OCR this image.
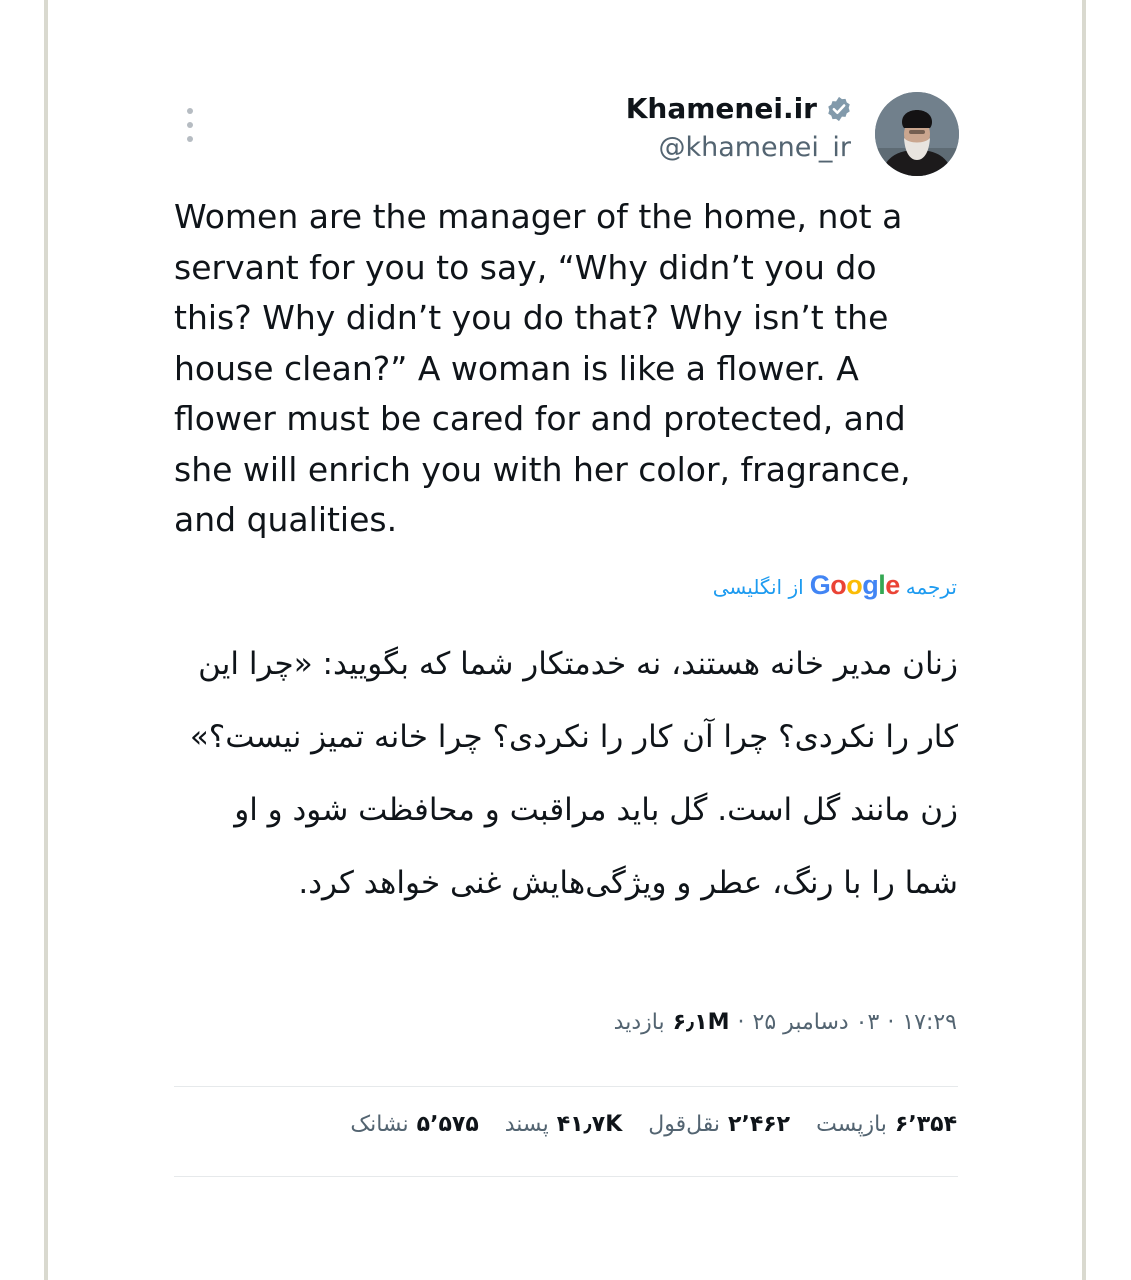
Khamenei.ir
@khamenei_ir

Women are the manager of the home, not a servant for you to say, “Why didn’t you do this? Why didn’t you do that? Why isn’t the house clean?” A woman is like a flower. A flower must be cared for and protected, and she will enrich you with her color, fragrance, and qualities.

ترجمه
Google
از انگلیسی

زنان مدیر خانه هستند، نه خدمتکار شما که بگویید: «چرا این کار را نکردی؟ چرا آن کار را نکردی؟ چرا خانه تمیز نیست؟» زن مانند گل است. گل باید مراقبت و محافظت شود و او شما را با رنگ، عطر و ویژگی‌هایش غنی خواهد کرد.

۱۷:۲۹
·
۰۳ دسامبر ۲۵
·
۶٫۱M
بازدید
۶٬۳۵۴
بازپست
۲٬۴۶۲
نقل‌قول
۴۱٫۷K
پسند
۵٬۵۷۵
نشانک
